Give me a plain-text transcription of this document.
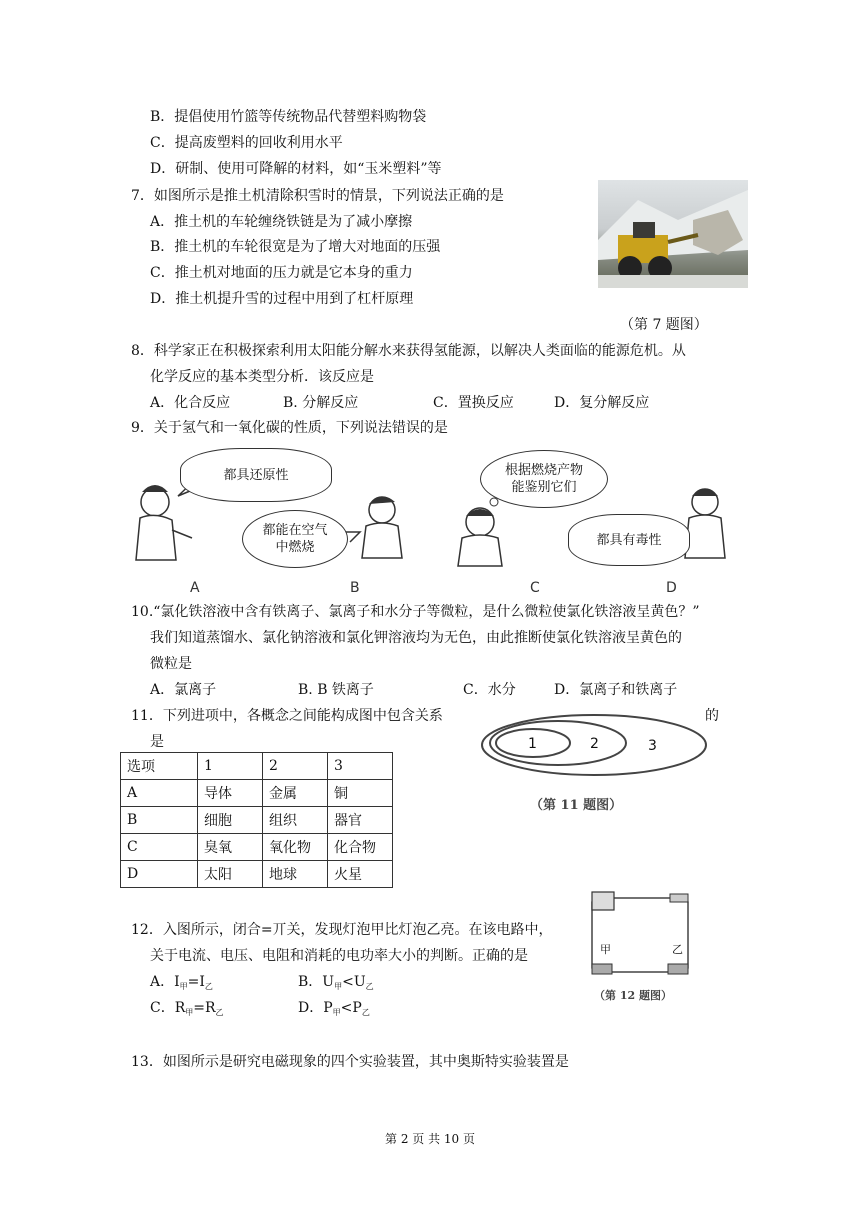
B．提倡使用竹篮等传统物品代替塑料购物袋
C．提高废塑料的回收利用水平
D．研制、使用可降解的材料，如“玉米塑料”等
7．如图所示是推土机清除积雪时的情景，下列说法正确的是
A．推土机的车轮缠绕铁链是为了减小摩擦
B．推土机的车轮很宽是为了增大对地面的压强
C．推土机对地面的压力就是它本身的重力
D．推土机提升雪的过程中用到了杠杆原理
（第 7 题图）
8．科学家正在积极探索利用太阳能分解水来获得氢能源，以解决人类面临的能源危机。从
化学反应的基本类型分析．该反应是
A．化合反应	B. 分解反应	C．置换反应	D．复分解反应
9．关于氢气和一氧化碳的性质，下列说法错误的是
都具还原性
都能在空气中燃烧
根据燃烧产物能鉴别它们
都具有毒性
A	B	C	D
10.“氯化铁溶液中含有铁离子、氯离子和水分子等微粒，是什么微粒使氯化铁溶液呈黄色？”
我们知道蒸馏水、氯化钠溶液和氯化钾溶液均为无色，由此推断使氯化铁溶液呈黄色的
微粒是
A．氯离子	B. B 铁离子	C．水分	D．氯离子和铁离子
11．下列进项中，各概念之间能构成图中包含关系	的
是	1	2	3
（第 11 题图）
选项	1	2	3
A	导体	金属	铜
B	细胞	组织	器官
C	臭氧	氧化物	化合物
D	太阳	地球	火星
12．入图所示，闭合=丌关，发现灯泡甲比灯泡乙亮。在该电路中，
关于电流、电压、电阻和消耗的电功率大小的判断。正确的是
A．$I_甲=I_乙$	B．$U_甲<U_乙$
C．$R_甲=R_乙$	D．$P_甲<P_乙$
甲	乙
（第 12 题图）
13．如图所示是研究电磁现象的四个实验装置，其中奥斯特实验装置是
第 2 页 共 10 页
